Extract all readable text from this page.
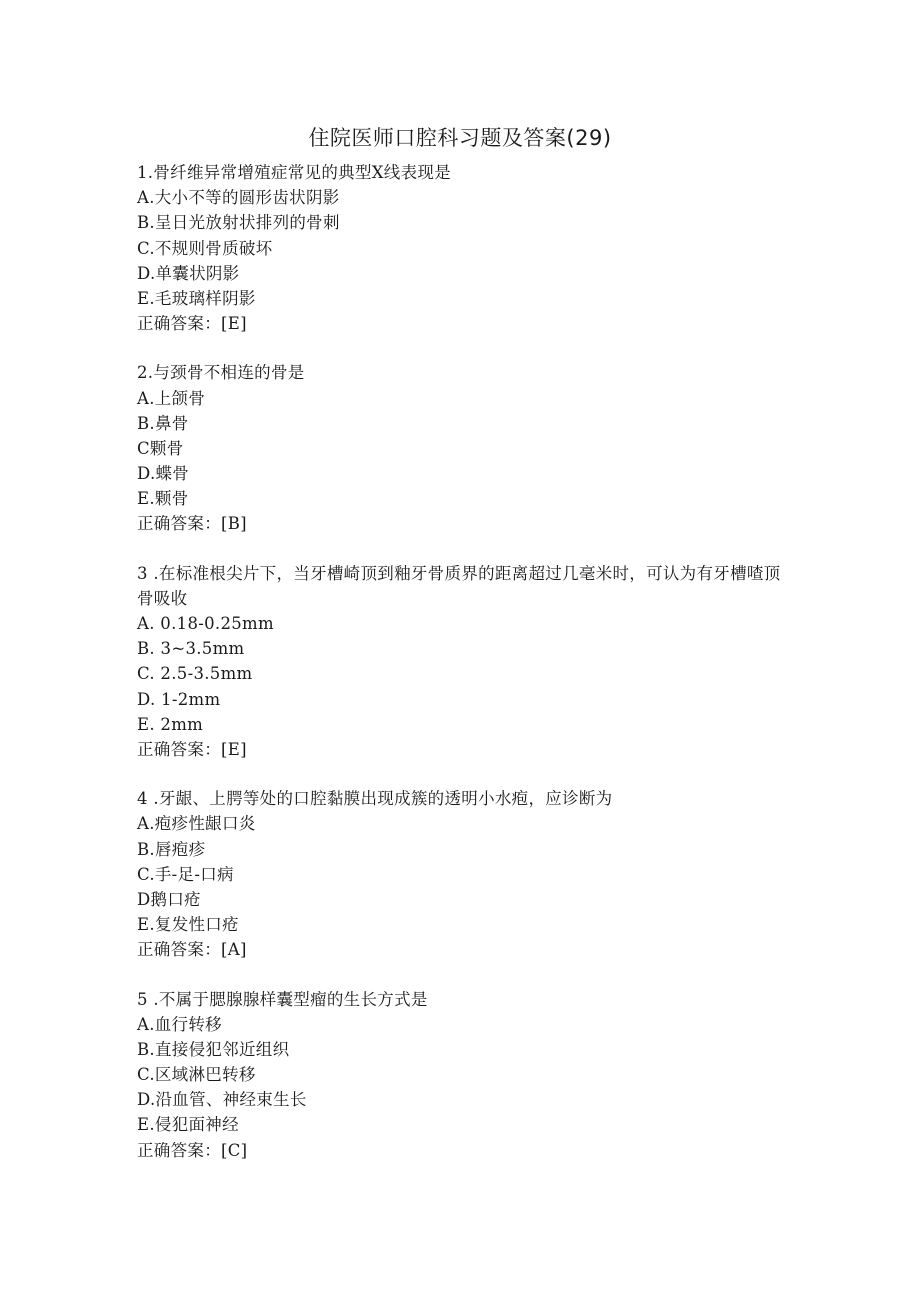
住院医师口腔科习题及答案(29)
1.骨纤维异常增殖症常见的典型X线表现是
A.大小不等的圆形齿状阴影
B.呈日光放射状排列的骨刺
C.不规则骨质破坏
D.单囊状阴影
E.毛玻璃样阴影
正确答案：[E]
2.与颈骨不相连的骨是
A.上颌骨
B.鼻骨
C颗骨
D.蝶骨
E.颗骨
正确答案：[B]
3 .在标准根尖片下，当牙槽崎顶到釉牙骨质界的距离超过几毫米时，可认为有牙槽喳顶骨吸收
A. 0.18-0.25mm
B. 3~3.5mm
C. 2.5-3.5mm
D. 1-2mm
E. 2mm
正确答案：[E]
4 .牙龈、上腭等处的口腔黏膜出现成簇的透明小水疱，应诊断为
A.疱疹性龈口炎
B.唇疱疹
C.手-足-口病
D鹅口疮
E.复发性口疮
正确答案：[A]
5 .不属于腮腺腺样囊型瘤的生长方式是
A.血行转移
B.直接侵犯邻近组织
C.区域淋巴转移
D.沿血管、神经束生长
E.侵犯面神经
正确答案：[C]
